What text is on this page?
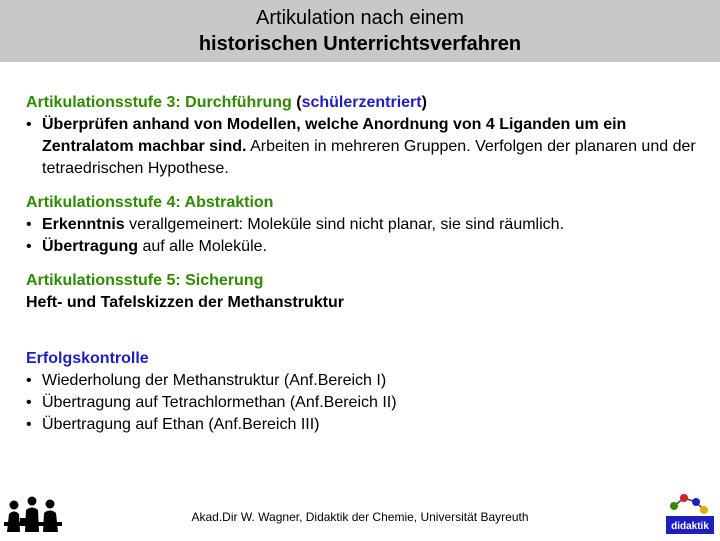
Artikulation nach einem
historischen Unterrichtsverfahren
Artikulationsstufe 3: Durchführung (schülerzentriert)
• Überprüfen anhand von Modellen, welche Anordnung von 4 Liganden um ein Zentralatom machbar sind. Arbeiten in mehreren Gruppen. Verfolgen der planaren und der tetraedrischen Hypothese.
Artikulationsstufe 4: Abstraktion
• Erkenntnis verallgemeinert: Moleküle sind nicht planar, sie sind räumlich.
• Übertragung auf alle Moleküle.
Artikulationsstufe 5: Sicherung
Heft- und Tafelskizzen der Methanstruktur
Erfolgskontrolle
• Wiederholung der Methanstruktur (Anf.Bereich I)
• Übertragung auf Tetrachlormethan (Anf.Bereich II)
• Übertragung auf Ethan (Anf.Bereich III)
Akad.Dir W. Wagner, Didaktik der Chemie, Universität Bayreuth
didaktik
